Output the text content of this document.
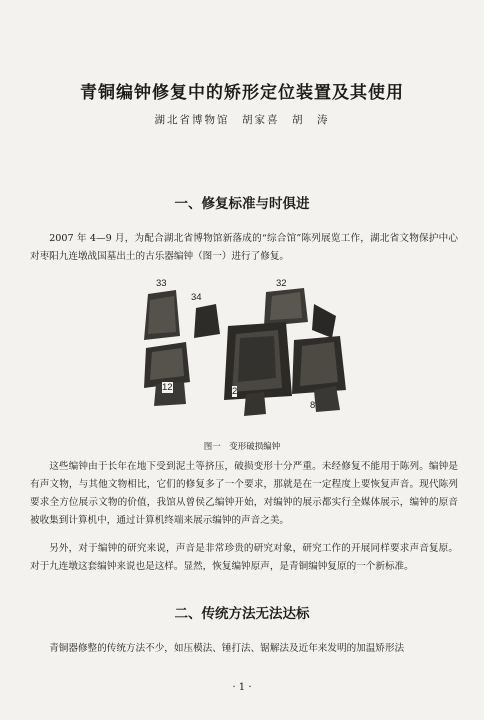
青铜编钟修复中的矫形定位装置及其使用
湖北省博物馆　胡家喜　胡　涛
一、修复标准与时俱进
2007 年 4—9 月，为配合湖北省博物馆新落成的“综合馆”陈列展览工作，湖北省文物保护中心对枣阳九连墩战国墓出土的古乐器编钟（图一）进行了修复。
33
34
32
12	2
8
图一　变形破损编钟
这些编钟由于长年在地下受到泥土等挤压，破损变形十分严重。未经修复不能用于陈列。编钟是有声文物，与其他文物相比，它们的修复多了一个要求，那就是在一定程度上要恢复声音。现代陈列要求全方位展示文物的价值，我馆从曾侯乙编钟开始，对编钟的展示都实行全媒体展示，编钟的原音被收集到计算机中，通过计算机终端来展示编钟的声音之美。
另外，对于编钟的研究来说，声音是非常珍贵的研究对象，研究工作的开展同样要求声音复原。对于九连墩这套编钟来说也是这样。显然，恢复编钟原声，是青铜编钟复原的一个新标准。
二、传统方法无法达标
青铜器修整的传统方法不少，如压模法、锤打法、锯解法及近年来发明的加温矫形法
· 1 ·
